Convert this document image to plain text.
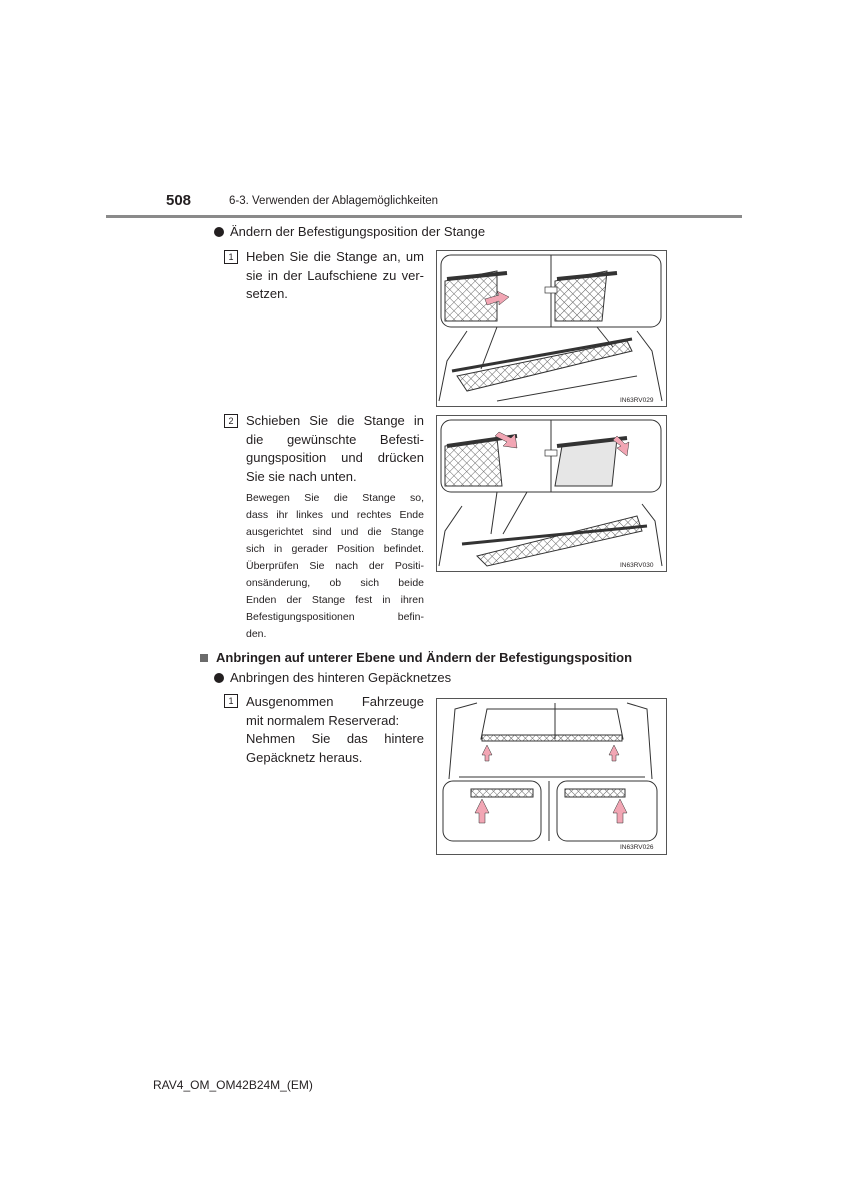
508	6-3. Verwenden der Ablagemöglichkeiten
Ändern der Befestigungsposition der Stange
1 Heben Sie die Stange an, um
sie in der Laufschiene zu ver-
setzen.
IN63RV029
2 Schieben Sie die Stange in
die gewünschte Befesti-
gungsposition und drücken
Sie sie nach unten.
Bewegen Sie die Stange so,
dass ihr linkes und rechtes Ende
ausgerichtet sind und die Stange
sich in gerader Position befindet.
Überprüfen Sie nach der Positi-
onsänderung, ob sich beide
Enden der Stange fest in ihren
Befestigungspositionen befin-
den.
IN63RV030
Anbringen auf unterer Ebene und Ändern der Befestigungsposition
Anbringen des hinteren Gepäcknetzes
1 Ausgenommen Fahrzeuge
mit normalem Reserverad:
Nehmen Sie das hintere
Gepäcknetz heraus.
IN63RV026
RAV4_OM_OM42B24M_(EM)
